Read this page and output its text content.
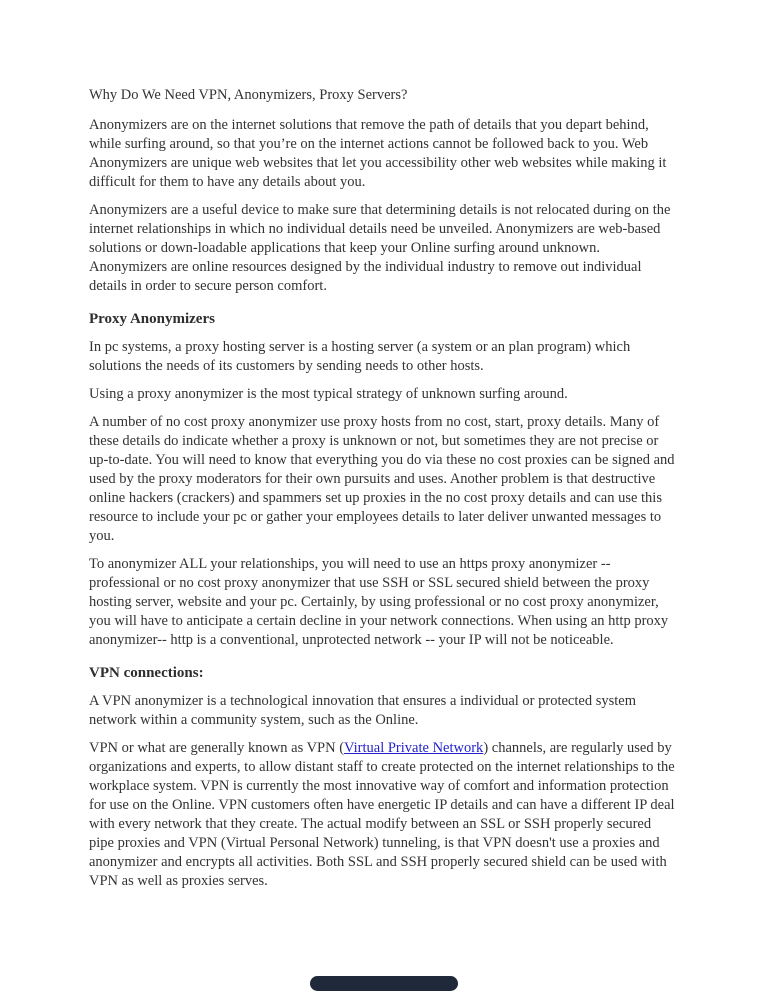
Why Do We Need VPN, Anonymizers, Proxy Servers?

Anonymizers are on the internet solutions that remove the path of details that you depart behind, while surfing around, so that you’re on the internet actions cannot be followed back to you. Web Anonymizers are unique web websites that let you accessibility other web websites while making it difficult for them to have any details about you.

Anonymizers are a useful device to make sure that determining details is not relocated during on the internet relationships in which no individual details need be unveiled. Anonymizers are web-based solutions or down-loadable applications that keep your Online surfing around unknown. Anonymizers are online resources designed by the individual industry to remove out individual details in order to secure person comfort.

Proxy Anonymizers

In pc systems, a proxy hosting server is a hosting server (a system or an plan program) which solutions the needs of its customers by sending needs to other hosts.

Using a proxy anonymizer is the most typical strategy of unknown surfing around.

A number of no cost proxy anonymizer use proxy hosts from no cost, start, proxy details. Many of these details do indicate whether a proxy is unknown or not, but sometimes they are not precise or up-to-date. You will need to know that everything you do via these no cost proxies can be signed and used by the proxy moderators for their own pursuits and uses. Another problem is that destructive online hackers (crackers) and spammers set up proxies in the no cost proxy details and can use this resource to include your pc or gather your employees details to later deliver unwanted messages to you.

To anonymizer ALL your relationships, you will need to use an https proxy anonymizer -- professional or no cost proxy anonymizer that use SSH or SSL secured shield between the proxy hosting server, website and your pc. Certainly, by using professional or no cost proxy anonymizer, you will have to anticipate a certain decline in your network connections. When using an http proxy anonymizer-- http is a conventional, unprotected network -- your IP will not be noticeable.

VPN connections:

A VPN anonymizer is a technological innovation that ensures a individual or protected system network within a community system, such as the Online.

VPN or what are generally known as VPN (Virtual Private Network) channels, are regularly used by organizations and experts, to allow distant staff to create protected on the internet relationships to the workplace system. VPN is currently the most innovative way of comfort and information protection for use on the Online. VPN customers often have energetic IP details and can have a different IP deal with every network that they create. The actual modify between an SSL or SSH properly secured pipe proxies and VPN (Virtual Personal Network) tunneling, is that VPN doesn't use a proxies and anonymizer and encrypts all activities. Both SSL and SSH properly secured shield can be used with VPN as well as proxies serves.
